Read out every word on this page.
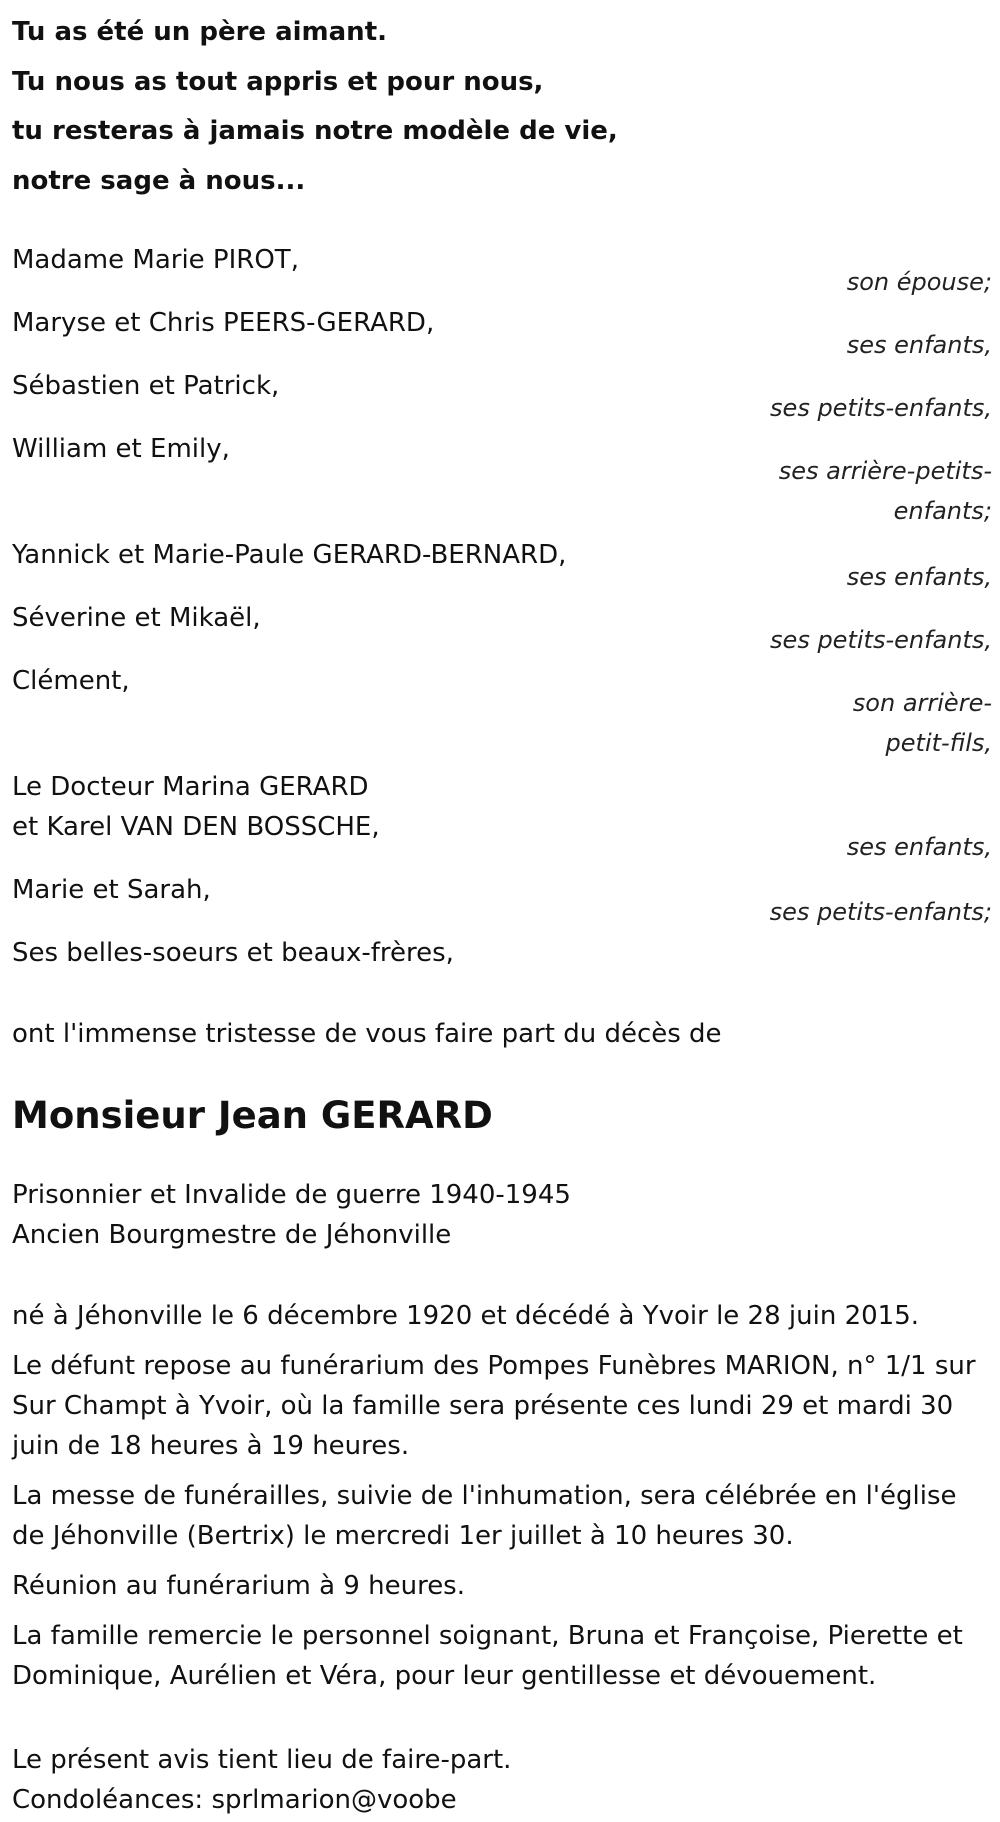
Tu as été un père aimant.
Tu nous as tout appris et pour nous,
tu resteras à jamais notre modèle de vie,
notre sage à nous...
Madame Marie PIROT,
son épouse;
Maryse et Chris PEERS-GERARD,
ses enfants,
Sébastien et Patrick,
ses petits-enfants,
William et Emily,
ses arrière-petits-enfants;
Yannick et Marie-Paule GERARD-BERNARD,
ses enfants,
Séverine et Mikaël,
ses petits-enfants,
Clément,
son arrière-petit-fils,
Le Docteur Marina GERARD
et Karel VAN DEN BOSSCHE,
ses enfants,
Marie et Sarah,
ses petits-enfants;
Ses belles-soeurs et beaux-frères,
ont l'immense tristesse de vous faire part du décès de
Monsieur Jean GERARD
Prisonnier et Invalide de guerre 1940-1945
Ancien Bourgmestre de Jéhonville

né à Jéhonville le 6 décembre 1920 et décédé à Yvoir le 28 juin 2015.

Le défunt repose au funérarium des Pompes Funèbres MARION, n° 1/1 sur Sur Champt à Yvoir, où la famille sera présente ces lundi 29 et mardi 30 juin de 18 heures à 19 heures.

La messe de funérailles, suivie de l'inhumation, sera célébrée en l'église de Jéhonville (Bertrix) le mercredi 1er juillet à 10 heures 30.

Réunion au funérarium à 9 heures.

La famille remercie le personnel soignant, Bruna et Françoise, Pierette et Dominique, Aurélien et Véra, pour leur gentillesse et dévouement.

Le présent avis tient lieu de faire-part.
Condoléances: sprlmarion@voobe
